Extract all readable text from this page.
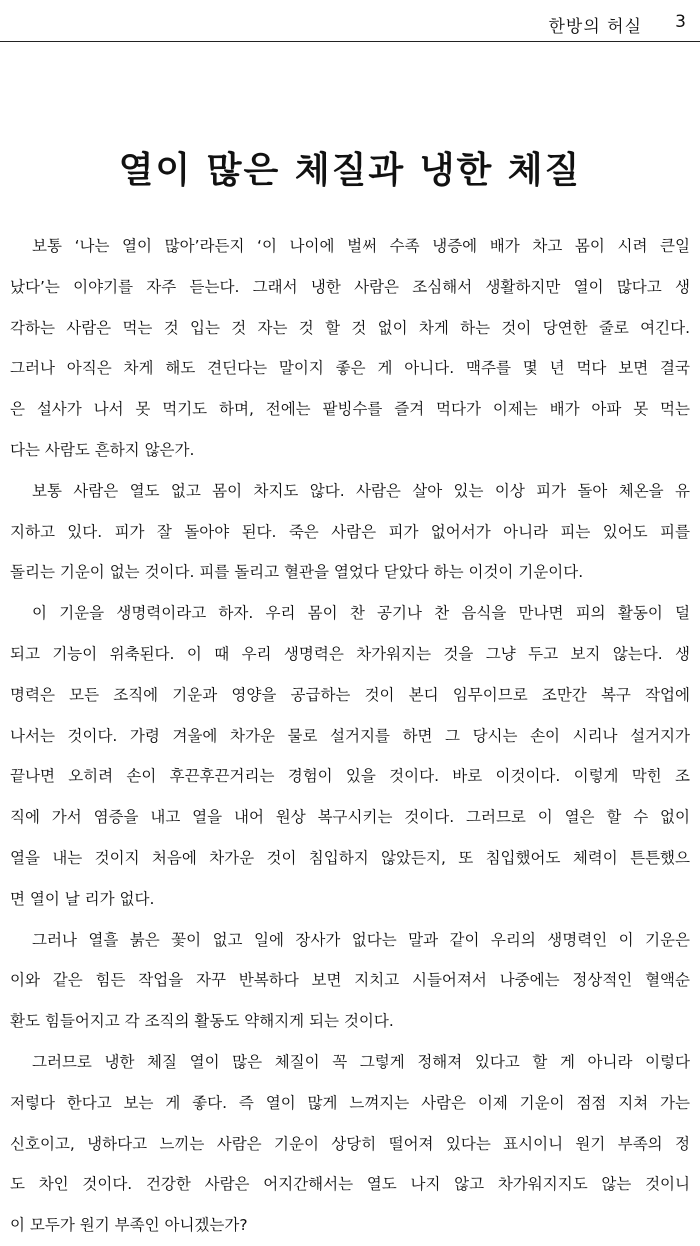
한방의 허실 3
열이 많은 체질과 냉한 체질
보통 ‘나는 열이 많아’라든지 ‘이 나이에 벌써 수족 냉증에 배가 차고 몸이 시려 큰일
났다’는 이야기를 자주 듣는다. 그래서 냉한 사람은 조심해서 생활하지만 열이 많다고 생
각하는 사람은 먹는 것 입는 것 자는 것 할 것 없이 차게 하는 것이 당연한 줄로 여긴다.
그러나 아직은 차게 해도 견딘다는 말이지 좋은 게 아니다. 맥주를 몇 년 먹다 보면 결국
은 설사가 나서 못 먹기도 하며, 전에는 팥빙수를 즐겨 먹다가 이제는 배가 아파 못 먹는
다는 사람도 흔하지 않은가.
보통 사람은 열도 없고 몸이 차지도 않다. 사람은 살아 있는 이상 피가 돌아 체온을 유
지하고 있다. 피가 잘 돌아야 된다. 죽은 사람은 피가 없어서가 아니라 피는 있어도 피를
돌리는 기운이 없는 것이다. 피를 돌리고 혈관을 열었다 닫았다 하는 이것이 기운이다.
이 기운을 생명력이라고 하자. 우리 몸이 찬 공기나 찬 음식을 만나면 피의 활동이 덜
되고 기능이 위축된다. 이 때 우리 생명력은 차가워지는 것을 그냥 두고 보지 않는다. 생
명력은 모든 조직에 기운과 영양을 공급하는 것이 본디 임무이므로 조만간 복구 작업에
나서는 것이다. 가령 겨울에 차가운 물로 설거지를 하면 그 당시는 손이 시리나 설거지가
끝나면 오히려 손이 후끈후끈거리는 경험이 있을 것이다. 바로 이것이다. 이렇게 막힌 조
직에 가서 염증을 내고 열을 내어 원상 복구시키는 것이다. 그러므로 이 열은 할 수 없이
열을 내는 것이지 처음에 차가운 것이 침입하지 않았든지, 또 침입했어도 체력이 튼튼했으
면 열이 날 리가 없다.
그러나 열흘 붉은 꽃이 없고 일에 장사가 없다는 말과 같이 우리의 생명력인 이 기운은
이와 같은 힘든 작업을 자꾸 반복하다 보면 지치고 시들어져서 나중에는 정상적인 혈액순
환도 힘들어지고 각 조직의 활동도 약해지게 되는 것이다.
그러므로 냉한 체질 열이 많은 체질이 꼭 그렇게 정해져 있다고 할 게 아니라 이렇다
저렇다 한다고 보는 게 좋다. 즉 열이 많게 느껴지는 사람은 이제 기운이 점점 지쳐 가는
신호이고, 냉하다고 느끼는 사람은 기운이 상당히 떨어져 있다는 표시이니 원기 부족의 정
도 차인 것이다. 건강한 사람은 어지간해서는 열도 나지 않고 차가워지지도 않는 것이니
이 모두가 원기 부족인 아니겠는가?
